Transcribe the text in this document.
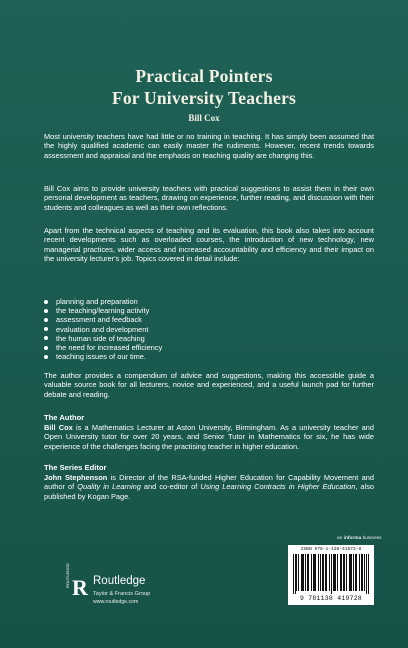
Practical Pointers
For University Teachers
Bill Cox

Most university teachers have had little or no training in teaching. It has simply been assumed that the highly qualified academic can easily master the rudiments. However, recent trends towards assessment and appraisal and the emphasis on teaching quality are changing this.

Bill Cox aims to provide university teachers with practical suggestions to assist them in their own personal development as teachers, drawing on experience, further reading, and discussion with their students and colleagues as well as their own reflections.

Apart from the technical aspects of teaching and its evaluation, this book also takes into account recent developments such as overloaded courses, the introduction of new technology, new managerial practices, wider access and increased accountability and efficiency and their impact on the university lecturer's job. Topics covered in detail include:

planning and preparation
the teaching/learning activity
assessment and feedback
evaluation and development
the human side of teaching
the need for increased efficiency
teaching issues of our time.

The author provides a compendium of advice and suggestions, making this accessible guide a valuable source book for all lecturers, novice and experienced, and a useful launch pad for further debate and reading.

The Author

Bill Cox is a Mathematics Lecturer at Aston University, Birmingham. As a university teacher and Open University tutor for over 20 years, and Senior Tutor in Mathematics for six, he has wide experience of the challenges facing the practising teacher in higher education.

The Series Editor

John Stephenson is Director of the RSA-funded Higher Education for Capability Movement and author of Quality in Learning and co-editor of Using Learning Contracts in Higher Education, also published by Kogan Page.

an informa business
ISBN 978-1-138-41972-8
9 781138 419728
ROUTLEDGE R Routledge
Taylor & Francis Group
www.routledge.com
